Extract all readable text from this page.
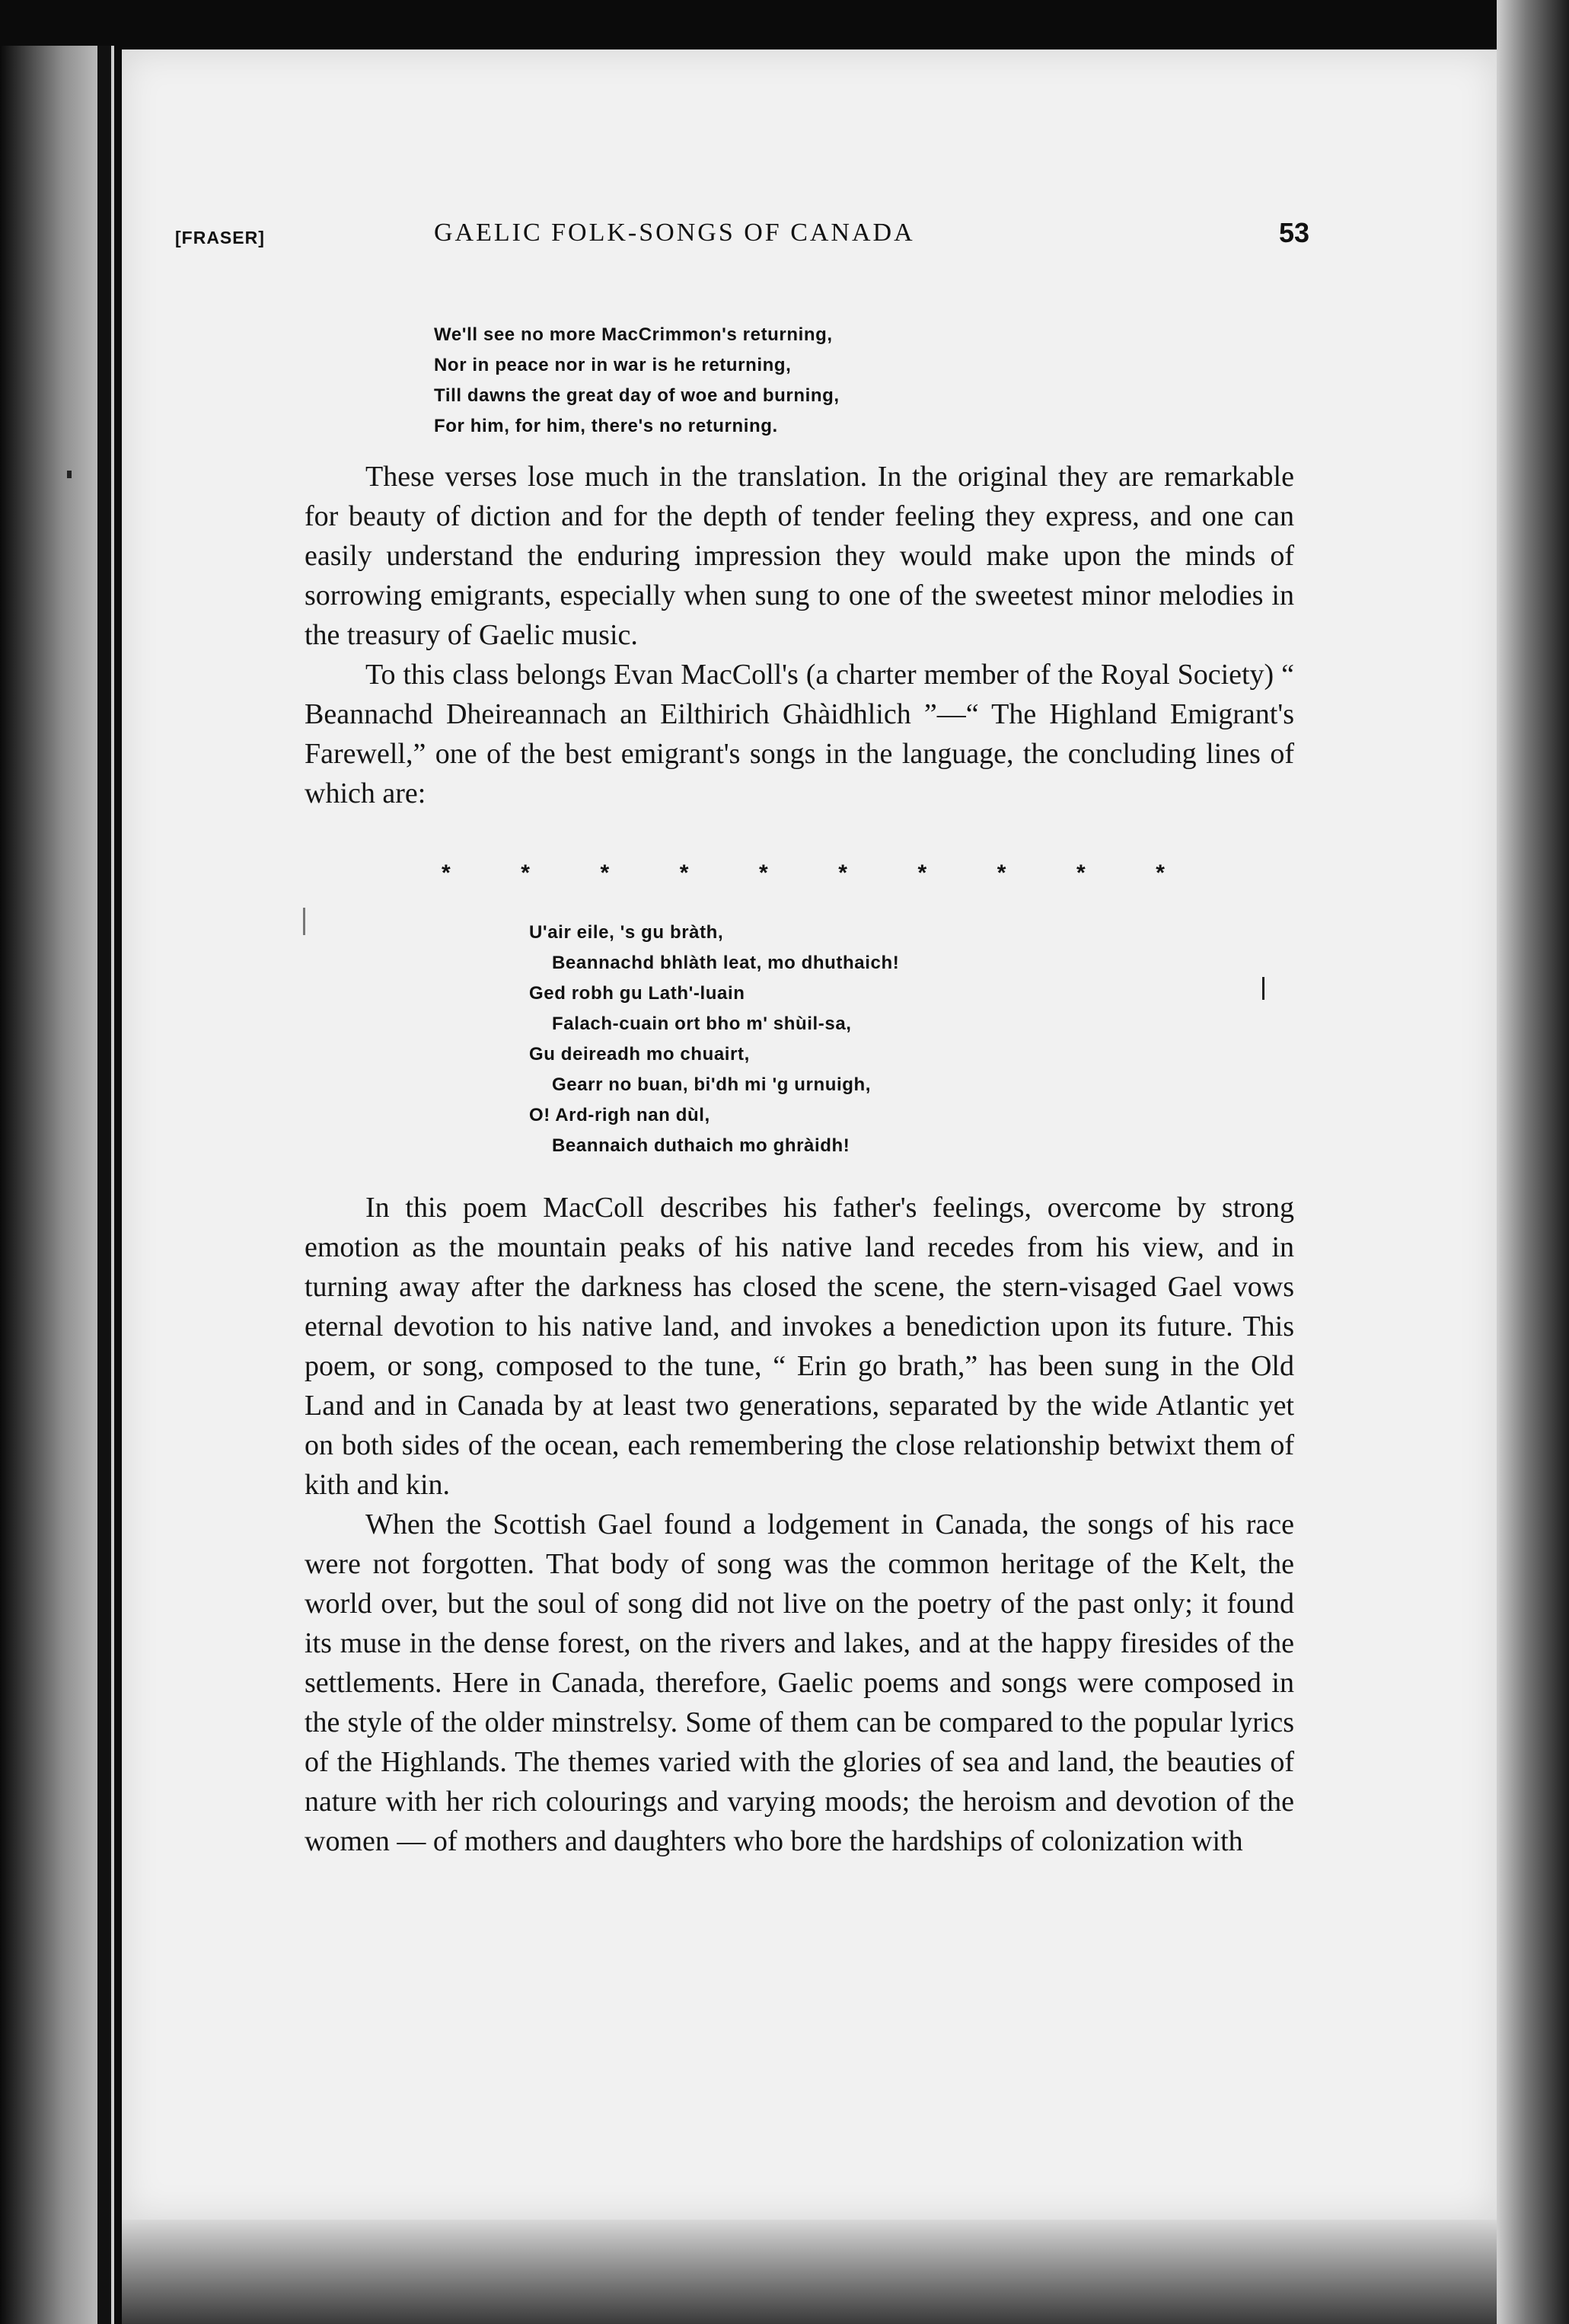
[FRASER]	GAELIC FOLK-SONGS OF CANADA	53
We'll see no more MacCrimmon's returning,
Nor in peace nor in war is he returning,
Till dawns the great day of woe and burning,
For him, for him, there's no returning.

These verses lose much in the translation. In the original they are remarkable for beauty of diction and for the depth of tender feeling they express, and one can easily understand the enduring impression they would make upon the minds of sorrowing emigrants, especially when sung to one of the sweetest minor melodies in the treasury of Gaelic music.

To this class belongs Evan MacColl's (a charter member of the Royal Society) “ Beannachd Dheireannach an Eilthirich Ghàidhlich ”—“ The Highland Emigrant's Farewell,” one of the best emigrant's songs in the language, the concluding lines of which are:

*	*	*	*	*	*	*	*	*	*
U'air eile, 's gu bràth,
Beannachd bhlàth leat, mo dhuthaich!
Ged robh gu Lath'-luain
Falach-cuain ort bho m' shùil-sa,
Gu deireadh mo chuairt,
Gearr no buan, bi'dh mi 'g urnuigh,
O! Ard-righ nan dùl,
Beannaich duthaich mo ghràidh!

In this poem MacColl describes his father's feelings, overcome by strong emotion as the mountain peaks of his native land recedes from his view, and in turning away after the darkness has closed the scene, the stern-visaged Gael vows eternal devotion to his native land, and invokes a benediction upon its future. This poem, or song, composed to the tune, “ Erin go brath,” has been sung in the Old Land and in Canada by at least two generations, separated by the wide Atlantic yet on both sides of the ocean, each remembering the close relationship betwixt them of kith and kin.

When the Scottish Gael found a lodgement in Canada, the songs of his race were not forgotten. That body of song was the common heritage of the Kelt, the world over, but the soul of song did not live on the poetry of the past only; it found its muse in the dense forest, on the rivers and lakes, and at the happy firesides of the settlements. Here in Canada, therefore, Gaelic poems and songs were composed in the style of the older minstrelsy. Some of them can be compared to the popular lyrics of the Highlands. The themes varied with the glories of sea and land, the beauties of nature with her rich colourings and varying moods; the heroism and devotion of the women — of mothers and daughters who bore the hardships of colonization with
